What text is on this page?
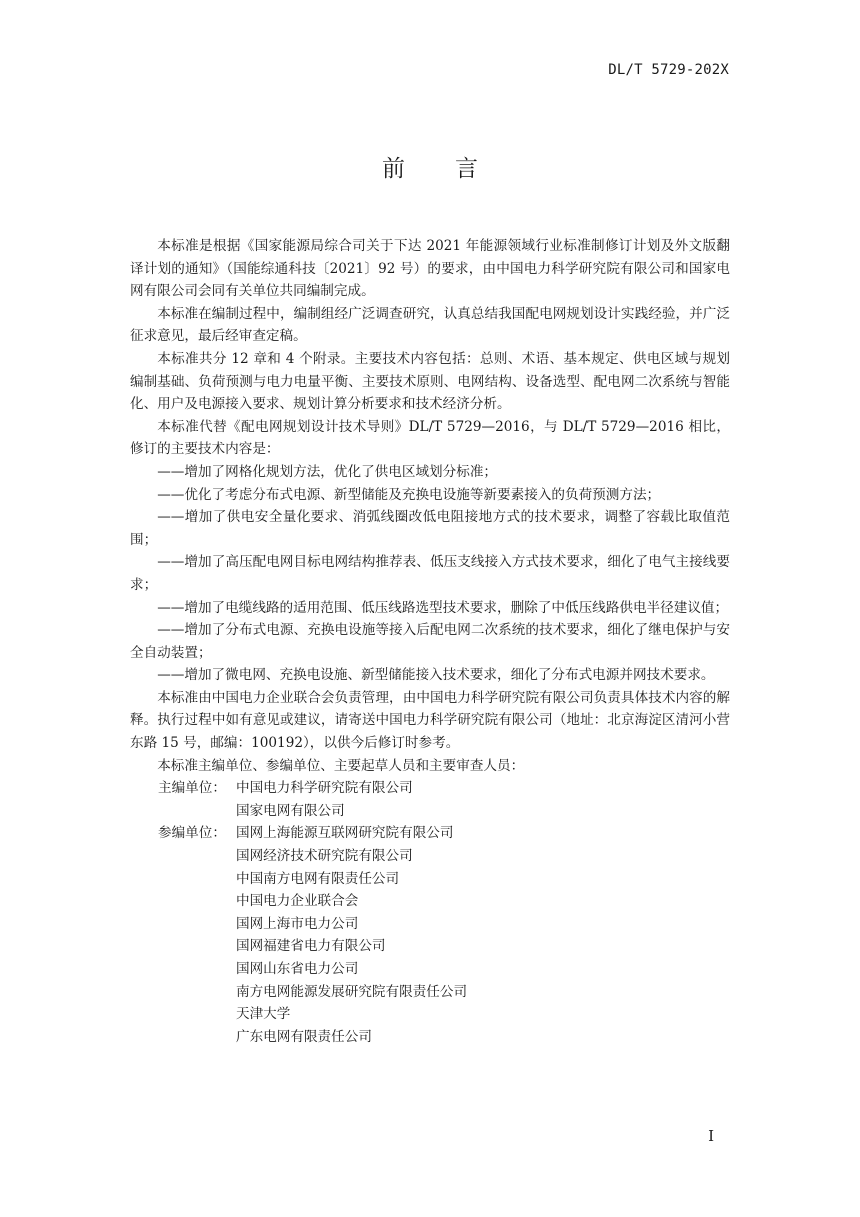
DL/T 5729-202X
前 言

本标准是根据《国家能源局综合司关于下达 2021 年能源领域行业标准制修订计划及外文版翻译计划的通知》（国能综通科技〔2021〕92 号）的要求，由中国电力科学研究院有限公司和国家电网有限公司会同有关单位共同编制完成。

本标准在编制过程中，编制组经广泛调查研究，认真总结我国配电网规划设计实践经验，并广泛征求意见，最后经审查定稿。

本标准共分 12 章和 4 个附录。主要技术内容包括：总则、术语、基本规定、供电区域与规划编制基础、负荷预测与电力电量平衡、主要技术原则、电网结构、设备选型、配电网二次系统与智能化、用户及电源接入要求、规划计算分析要求和技术经济分析。

本标准代替《配电网规划设计技术导则》DL/T 5729—2016，与 DL/T 5729—2016 相比，修订的主要技术内容是：

——增加了网格化规划方法，优化了供电区域划分标准；

——优化了考虑分布式电源、新型储能及充换电设施等新要素接入的负荷预测方法；

——增加了供电安全量化要求、消弧线圈改低电阻接地方式的技术要求，调整了容载比取值范围；

——增加了高压配电网目标电网结构推荐表、低压支线接入方式技术要求，细化了电气主接线要求；

——增加了电缆线路的适用范围、低压线路选型技术要求，删除了中低压线路供电半径建议值；

——增加了分布式电源、充换电设施等接入后配电网二次系统的技术要求，细化了继电保护与安全自动装置；

——增加了微电网、充换电设施、新型储能接入技术要求，细化了分布式电源并网技术要求。

本标准由中国电力企业联合会负责管理，由中国电力科学研究院有限公司负责具体技术内容的解释。执行过程中如有意见或建议，请寄送中国电力科学研究院有限公司（地址：北京海淀区清河小营东路 15 号，邮编：100192），以供今后修订时参考。

本标准主编单位、参编单位、主要起草人员和主要审查人员：

主编单位： 中国电力科学研究院有限公司
国家电网有限公司
参编单位： 国网上海能源互联网研究院有限公司
国网经济技术研究院有限公司
中国南方电网有限责任公司
中国电力企业联合会
国网上海市电力公司
国网福建省电力有限公司
国网山东省电力公司
南方电网能源发展研究院有限责任公司
天津大学
广东电网有限责任公司
I
